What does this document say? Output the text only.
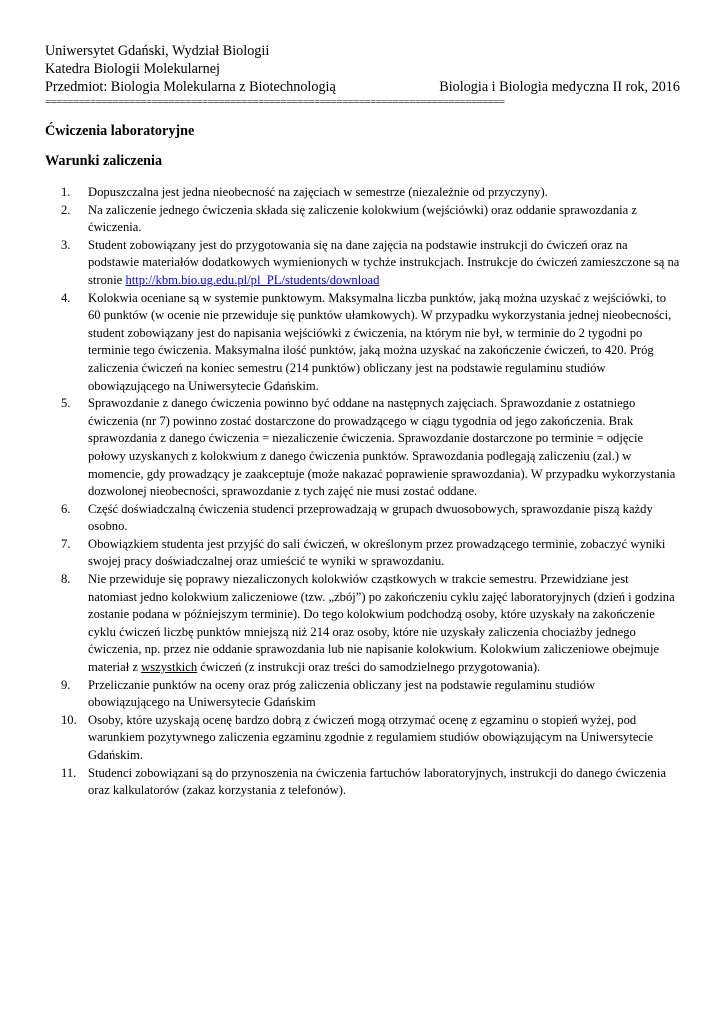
Uniwersytet Gdański, Wydział Biologii
Katedra Biologii Molekularnej
Przedmiot: Biologia Molekularna z Biotechnologią	Biologia i Biologia medyczna II rok, 2016
==================================================================================
Ćwiczenia laboratoryjne
Warunki zaliczenia
1. Dopuszczalna jest jedna nieobecność na zajęciach w semestrze (niezależnie od przyczyny).
2. Na zaliczenie jednego ćwiczenia składa się zaliczenie kolokwium (wejściówki) oraz oddanie sprawozdania z ćwiczenia.
3. Student zobowiązany jest do przygotowania się na dane zajęcia na podstawie instrukcji do ćwiczeń oraz na podstawie materiałów dodatkowych wymienionych w tychże instrukcjach. Instrukcje do ćwiczeń zamieszczone są na stronie http://kbm.bio.ug.edu.pl/pl_PL/students/download
4. Kolokwia oceniane są w systemie punktowym. Maksymalna liczba punktów, jaką można uzyskać z wejściówki, to 60 punktów (w ocenie nie przewiduje się punktów ułamkowych). W przypadku wykorzystania jednej nieobecności, student zobowiązany jest do napisania wejściówki z ćwiczenia, na którym nie był, w terminie do 2 tygodni po terminie tego ćwiczenia. Maksymalna ilość punktów, jaką można uzyskać na zakończenie ćwiczeń, to 420. Próg zaliczenia ćwiczeń na koniec semestru (214 punktów) obliczany jest na podstawie regulaminu studiów obowiązującego na Uniwersytecie Gdańskim.
5. Sprawozdanie z danego ćwiczenia powinno być oddane na następnych zajęciach. Sprawozdanie z ostatniego ćwiczenia (nr 7) powinno zostać dostarczone do prowadzącego w ciągu tygodnia od jego zakończenia. Brak sprawozdania z danego ćwiczenia = niezaliczenie ćwiczenia. Sprawozdanie dostarczone po terminie = odjęcie połowy uzyskanych z kolokwium z danego ćwiczenia punktów. Sprawozdania podlegają zaliczeniu (zal.) w momencie, gdy prowadzący je zaakceptuje (może nakazać poprawienie sprawozdania). W przypadku wykorzystania dozwolonej nieobecności, sprawozdanie z tych zajęć nie musi zostać oddane.
6. Część doświadczalną ćwiczenia studenci przeprowadzają w grupach dwuosobowych, sprawozdanie piszą każdy osobno.
7. Obowiązkiem studenta jest przyjść do sali ćwiczeń, w określonym przez prowadzącego terminie, zobaczyć wyniki swojej pracy doświadczalnej oraz umieścić te wyniki w sprawozdaniu.
8. Nie przewiduje się poprawy niezaliczonych kolokwiów cząstkowych w trakcie semestru. Przewidziane jest natomiast jedno kolokwium zaliczeniowe (tzw. „zbój”) po zakończeniu cyklu zajęć laboratoryjnych (dzień i godzina zostanie podana w późniejszym terminie). Do tego kolokwium podchodzą osoby, które uzyskały na zakończenie cyklu ćwiczeń liczbę punktów mniejszą niż 214 oraz osoby, które nie uzyskały zaliczenia chociażby jednego ćwiczenia, np. przez nie oddanie sprawozdania lub nie napisanie kolokwium. Kolokwium zaliczeniowe obejmuje materiał z wszystkich ćwiczeń (z instrukcji oraz treści do samodzielnego przygotowania).
9. Przeliczanie punktów na oceny oraz próg zaliczenia obliczany jest na podstawie regulaminu studiów obowiązującego na Uniwersytecie Gdańskim
10. Osoby, które uzyskają ocenę bardzo dobrą z ćwiczeń mogą otrzymać ocenę z egzaminu o stopień wyżej, pod warunkiem pozytywnego zaliczenia egzaminu zgodnie z regulamiem studiów obowiązującym na Uniwersytecie Gdańskim.
11. Studenci zobowiązani są do przynoszenia na ćwiczenia fartuchów laboratoryjnych, instrukcji do danego ćwiczenia oraz kalkulatorów (zakaz korzystania z telefonów).
